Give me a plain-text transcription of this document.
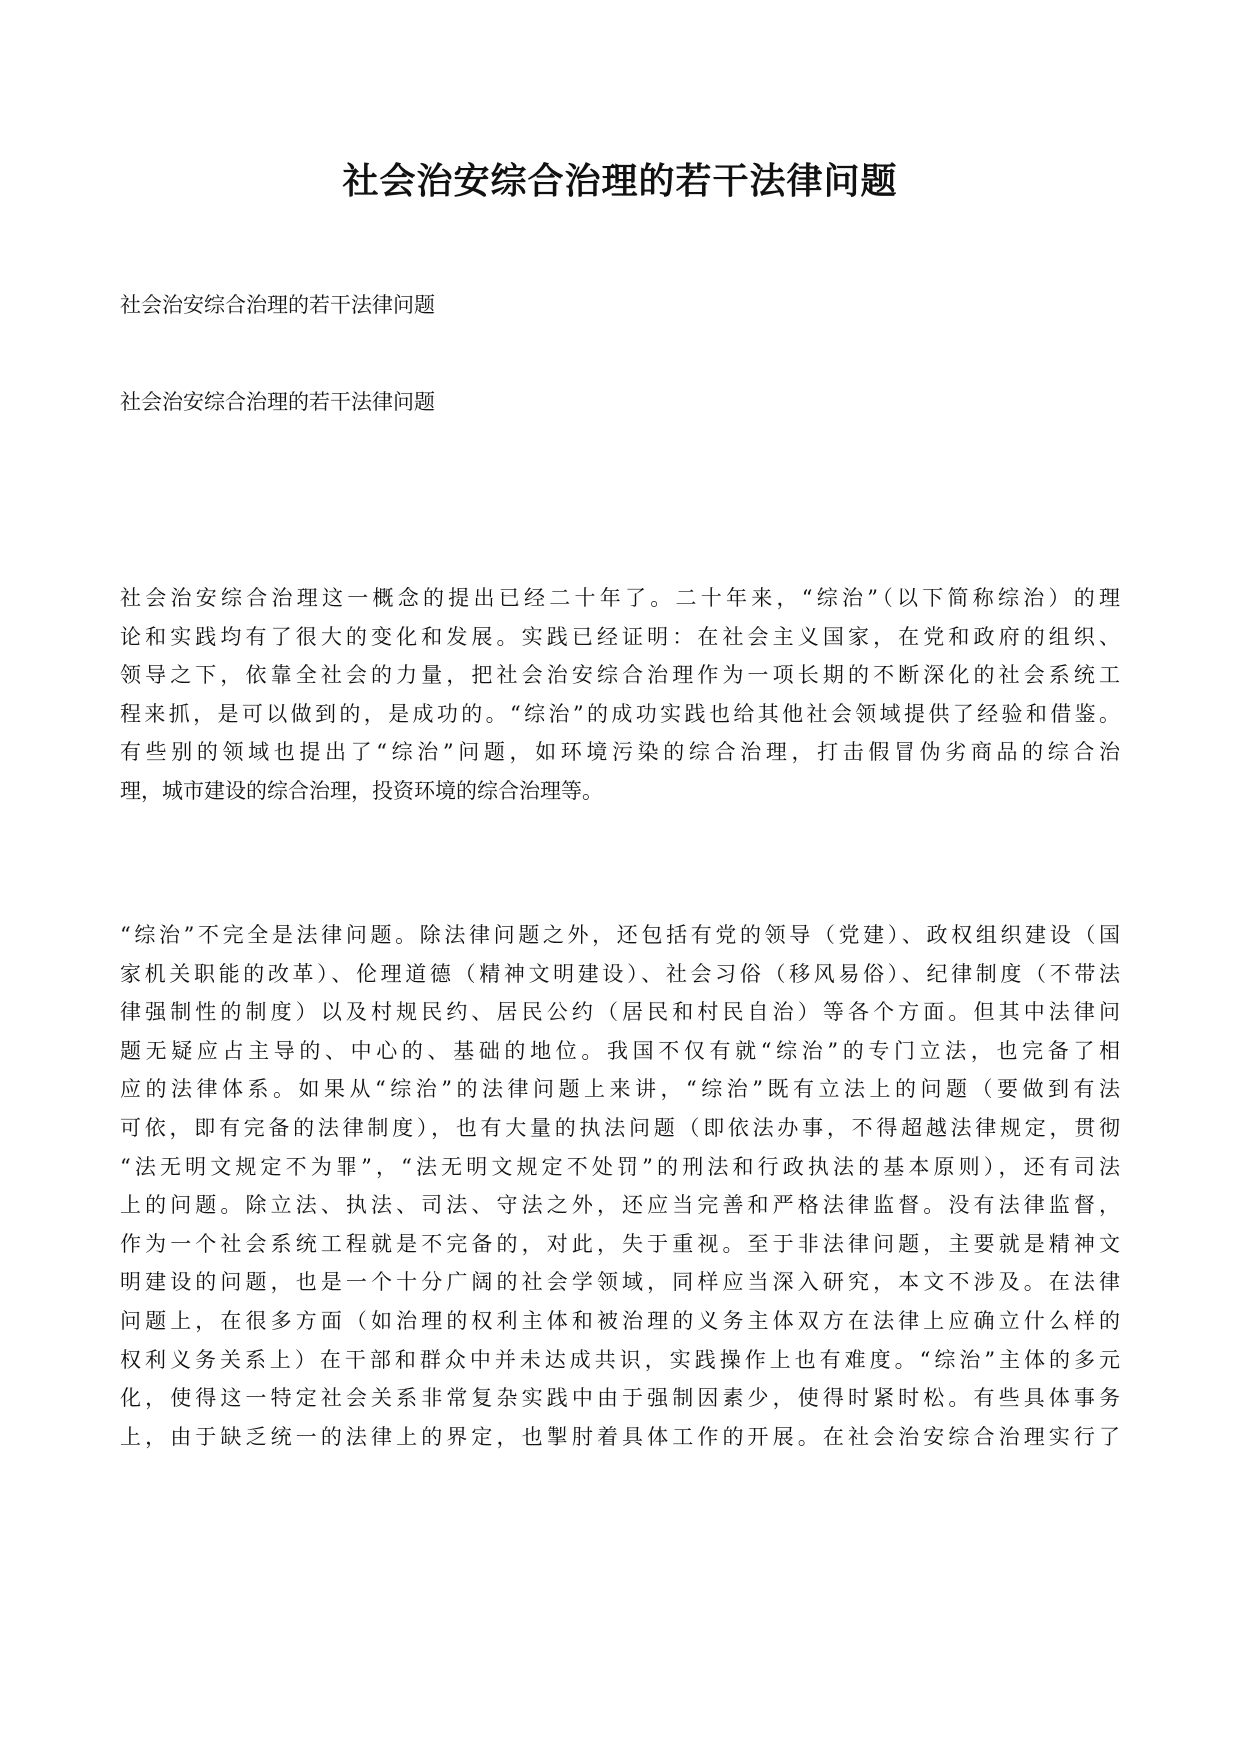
社会治安综合治理的若干法律问题

社会治安综合治理的若干法律问题

社会治安综合治理的若干法律问题

社会治安综合治理这一概念的提出已经二十年了。二十年来，“综治”（以下简称综治）的理
论和实践均有了很大的变化和发展。实践已经证明：在社会主义国家，在党和政府的组织、
领导之下，依靠全社会的力量，把社会治安综合治理作为一项长期的不断深化的社会系统工
程来抓，是可以做到的，是成功的。“综治”的成功实践也给其他社会领域提供了经验和借鉴。
有些别的领域也提出了“综治”问题，如环境污染的综合治理，打击假冒伪劣商品的综合治
理，城市建设的综合治理，投资环境的综合治理等。
“综治”不完全是法律问题。除法律问题之外，还包括有党的领导（党建）、政权组织建设（国
家机关职能的改革）、伦理道德（精神文明建设）、社会习俗（移风易俗）、纪律制度（不带法
律强制性的制度）以及村规民约、居民公约（居民和村民自治）等各个方面。但其中法律问
题无疑应占主导的、中心的、基础的地位。我国不仅有就“综治”的专门立法，也完备了相
应的法律体系。如果从“综治”的法律问题上来讲，“综治”既有立法上的问题（要做到有法
可依，即有完备的法律制度），也有大量的执法问题（即依法办事，不得超越法律规定，贯彻
“法无明文规定不为罪”，“法无明文规定不处罚”的刑法和行政执法的基本原则），还有司法
上的问题。除立法、执法、司法、守法之外，还应当完善和严格法律监督。没有法律监督，
作为一个社会系统工程就是不完备的，对此，失于重视。至于非法律问题，主要就是精神文
明建设的问题，也是一个十分广阔的社会学领域，同样应当深入研究，本文不涉及。在法律
问题上，在很多方面（如治理的权利主体和被治理的义务主体双方在法律上应确立什么样的
权利义务关系上）在干部和群众中并未达成共识，实践操作上也有难度。“综治”主体的多元
化，使得这一特定社会关系非常复杂实践中由于强制因素少，使得时紧时松。有些具体事务
上，由于缺乏统一的法律上的界定，也掣肘着具体工作的开展。在社会治安综合治理实行了
